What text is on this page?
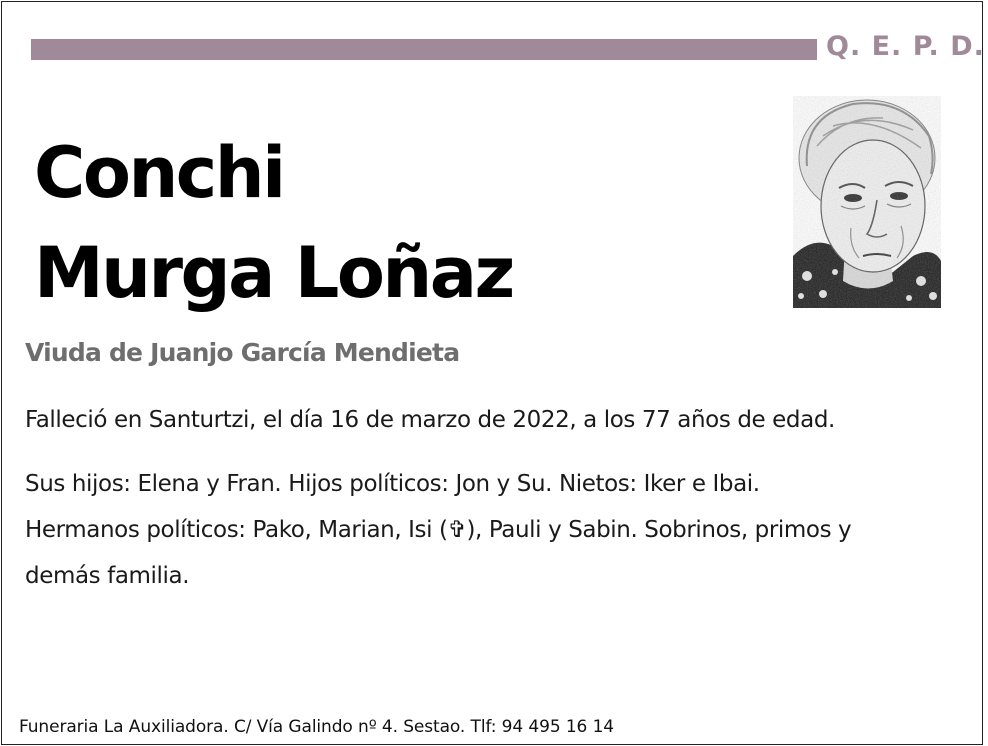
Q. E. P. D.
Conchi
Murga Loñaz
Viuda de Juanjo García Mendieta
Falleció en Santurtzi, el día 16 de marzo de 2022, a los 77 años de edad.
Sus hijos: Elena y Fran. Hijos políticos: Jon y Su. Nietos: Iker e Ibai.
Hermanos políticos: Pako, Marian, Isi (✞), Pauli y Sabin. Sobrinos, primos y
demás familia.
Funeraria La Auxiliadora. C/ Vía Galindo nº 4. Sestao. Tlf: 94 495 16 14
